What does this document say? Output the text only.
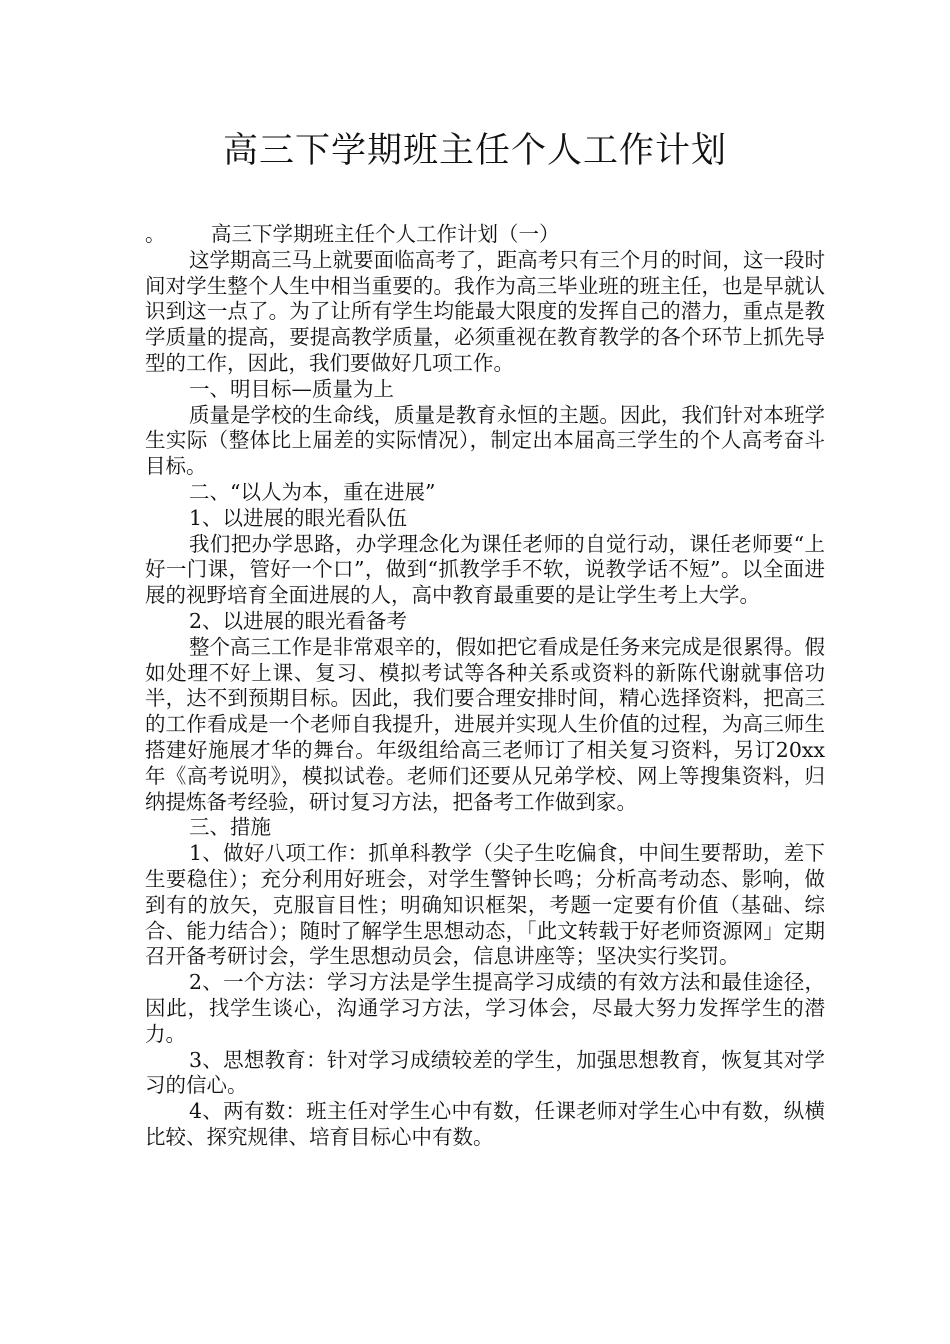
高三下学期班主任个人工作计划

。 高三下学期班主任个人工作计划（一）

这学期高三马上就要面临高考了，距高考只有三个月的时间，这一段时间对学生整个人生中相当重要的。我作为高三毕业班的班主任，也是早就认识到这一点了。为了让所有学生均能最大限度的发挥自己的潜力，重点是教学质量的提高，要提高教学质量，必须重视在教育教学的各个环节上抓先导型的工作，因此，我们要做好几项工作。

一、明目标—质量为上

质量是学校的生命线，质量是教育永恒的主题。因此，我们针对本班学生实际（整体比上届差的实际情况），制定出本届高三学生的个人高考奋斗目标。

二、“以人为本，重在进展”

1、以进展的眼光看队伍

我们把办学思路，办学理念化为课任老师的自觉行动，课任老师要“上好一门课，管好一个口”，做到“抓教学手不软，说教学话不短”。以全面进展的视野培育全面进展的人，高中教育最重要的是让学生考上大学。

2、以进展的眼光看备考

整个高三工作是非常艰辛的，假如把它看成是任务来完成是很累得。假如处理不好上课、复习、模拟考试等各种关系或资料的新陈代谢就事倍功半，达不到预期目标。因此，我们要合理安排时间，精心选择资料，把高三的工作看成是一个老师自我提升，进展并实现人生价值的过程，为高三师生搭建好施展才华的舞台。年级组给高三老师订了相关复习资料，另订20xx年《高考说明》，模拟试卷。老师们还要从兄弟学校、网上等搜集资料，归纳提炼备考经验，研讨复习方法，把备考工作做到家。

三、措施

1、做好八项工作：抓单科教学（尖子生吃偏食，中间生要帮助，差下生要稳住）；充分利用好班会，对学生警钟长鸣；分析高考动态、影响，做到有的放矢，克服盲目性；明确知识框架，考题一定要有价值（基础、综合、能力结合）；随时了解学生思想动态，「此文转载于好老师资源网」定期召开备考研讨会，学生思想动员会，信息讲座等；坚决实行奖罚。

2、一个方法：学习方法是学生提高学习成绩的有效方法和最佳途径，因此，找学生谈心，沟通学习方法，学习体会，尽最大努力发挥学生的潜力。

3、思想教育：针对学习成绩较差的学生，加强思想教育，恢复其对学习的信心。

4、两有数：班主任对学生心中有数，任课老师对学生心中有数，纵横比较、探究规律、培育目标心中有数。
